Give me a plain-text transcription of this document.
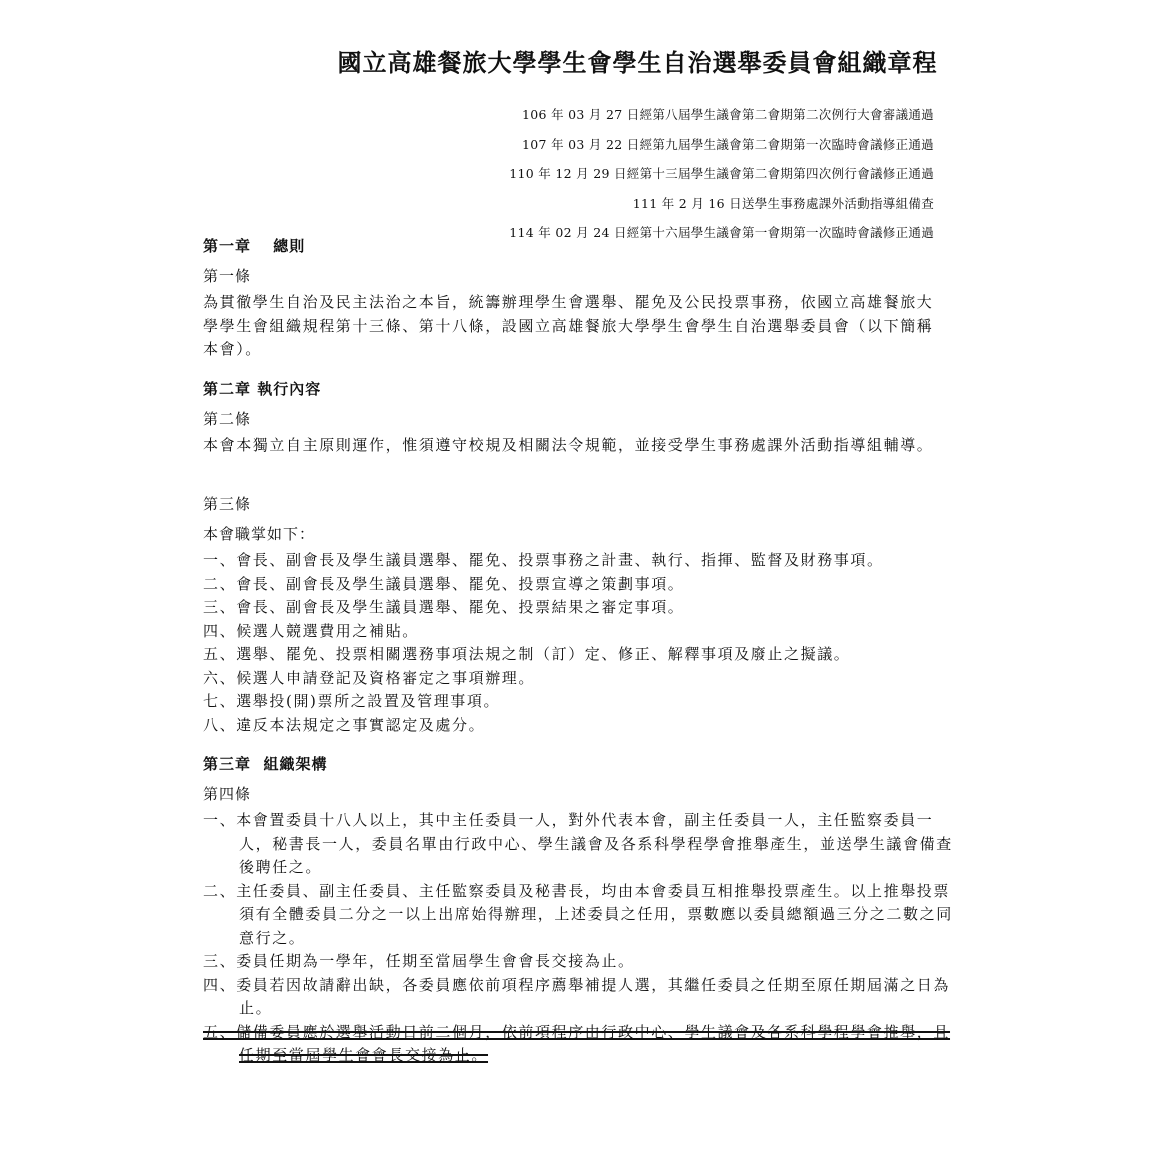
國立高雄餐旅大學學生會學生自治選舉委員會組織章程
106 年 03 月 27 日經第八屆學生議會第二會期第二次例行大會審議通過
107 年 03 月 22 日經第九屆學生議會第二會期第一次臨時會議修正通過
110 年 12 月 29 日經第十三屆學生議會第二會期第四次例行會議修正通過
111 年 2 月 16 日送學生事務處課外活動指導組備查
114 年 02 月 24 日經第十六屆學生議會第一會期第一次臨時會議修正通過
第一章　 總則
第一條
為貫徹學生自治及民主法治之本旨，統籌辦理學生會選舉、罷免及公民投票事務，依國立高雄餐旅大學學生會組織規程第十三條、第十八條，設國立高雄餐旅大學學生會學生自治選舉委員會（以下簡稱本會）。
第二章 執行內容
第二條
本會本獨立自主原則運作，惟須遵守校規及相關法令規範，並接受學生事務處課外活動指導組輔導。
第三條
本會職掌如下：
一、會長、副會長及學生議員選舉、罷免、投票事務之計畫、執行、指揮、監督及財務事項。
二、會長、副會長及學生議員選舉、罷免、投票宣導之策劃事項。
三、會長、副會長及學生議員選舉、罷免、投票結果之審定事項。
四、候選人競選費用之補貼。
五、選舉、罷免、投票相關選務事項法規之制（訂）定、修正、解釋事項及廢止之擬議。
六、候選人申請登記及資格審定之事項辦理。
七、選舉投(開)票所之設置及管理事項。
八、違反本法規定之事實認定及處分。
第三章  組織架構
第四條
一、本會置委員十八人以上，其中主任委員一人，對外代表本會，副主任委員一人，主任監察委員一人，秘書長一人，委員名單由行政中心、學生議會及各系科學程學會推舉產生，並送學生議會備查後聘任之。
二、主任委員、副主任委員、主任監察委員及秘書長，均由本會委員互相推舉投票產生。以上推舉投票須有全體委員二分之一以上出席始得辦理，上述委員之任用，票數應以委員總額過三分之二數之同意行之。
三、委員任期為一學年，任期至當屆學生會會長交接為止。
四、委員若因故請辭出缺，各委員應依前項程序薦舉補提人選，其繼任委員之任期至原任期屆滿之日為止。
五、儲備委員應於選舉活動日前二個月，依前項程序由行政中心、學生議會及各系科學程學會推舉，且任期至當屆學生會會長交接為止。
